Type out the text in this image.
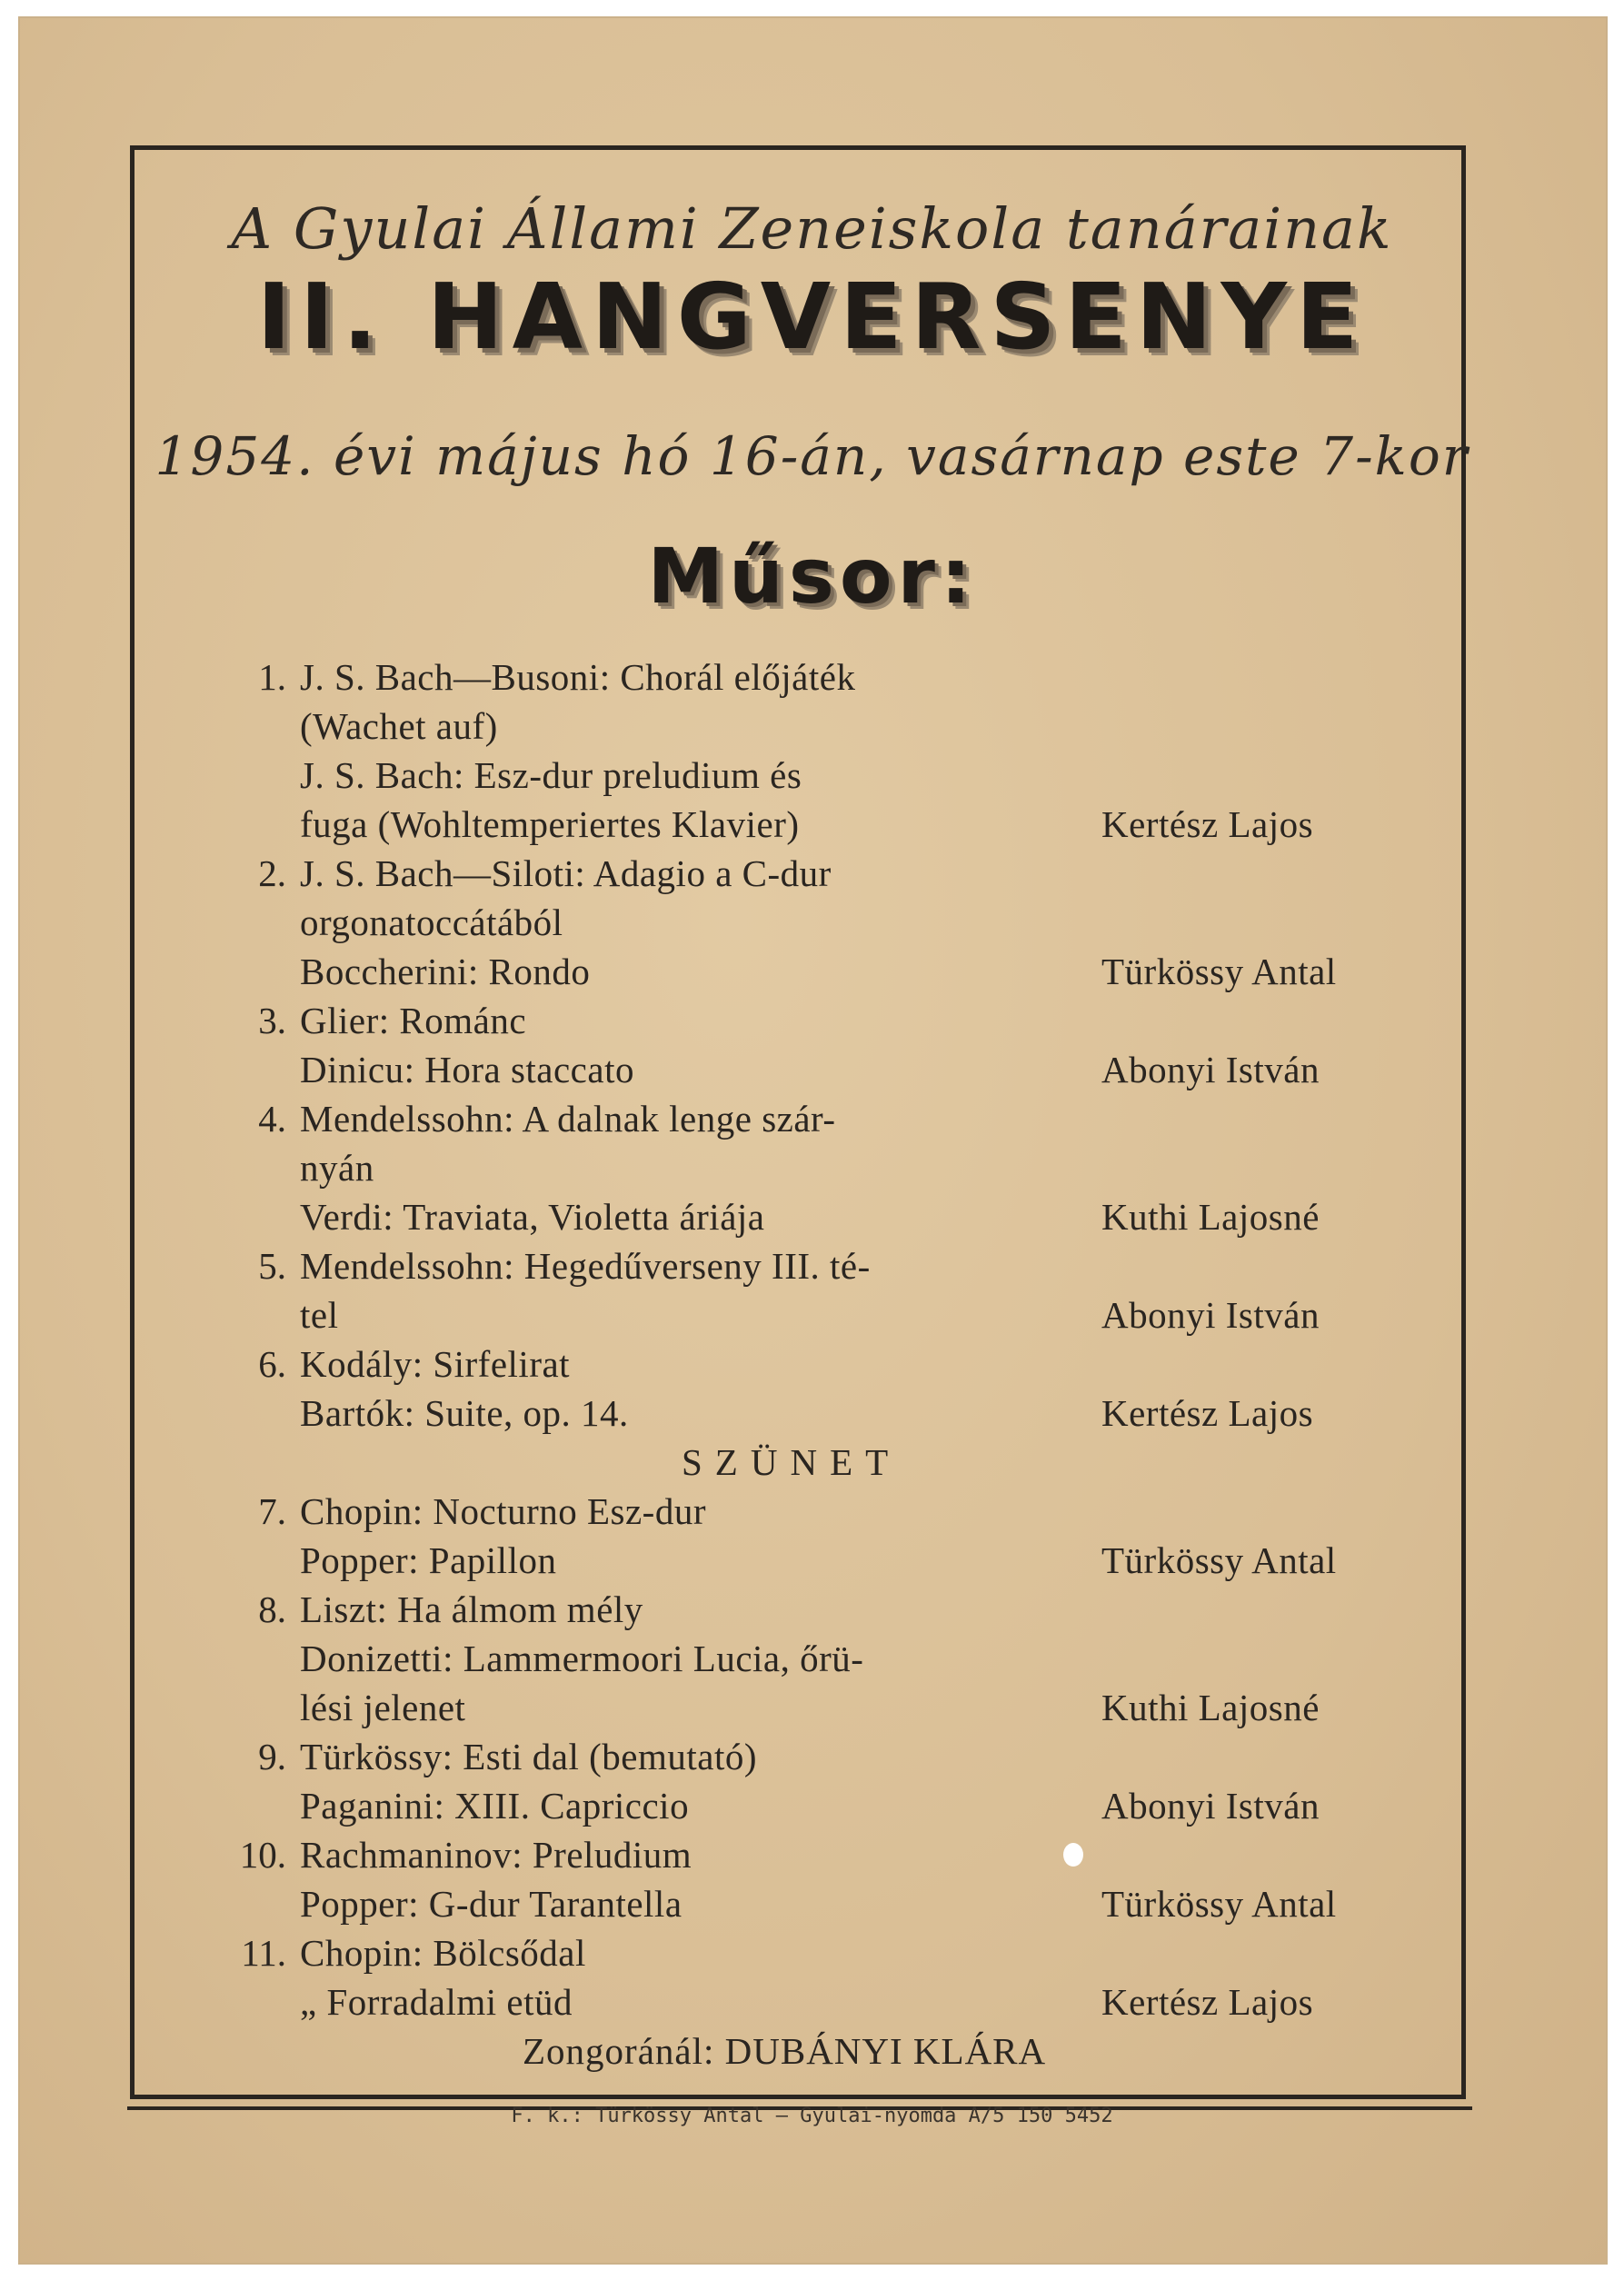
A Gyulai Állami Zeneiskola tanárainak
II. HANGVERSENYE
1954. évi május hó 16-án, vasárnap este 7-kor
Műsor:
1. J. S. Bach—Busoni: Chorál előjáték
(Wachet auf)
J. S. Bach: Esz-dur preludium és
fuga (Wohltemperiertes Klavier)	Kertész Lajos
2. J. S. Bach—Siloti: Adagio a C-dur
orgonatoccátából
Boccherini: Rondo	Türkössy Antal
3. Glier: Románc
Dinicu: Hora staccato	Abonyi István
4. Mendelssohn: A dalnak lenge szár-
nyán
Verdi: Traviata, Violetta áriája	Kuthi Lajosné
5. Mendelssohn: Hegedűverseny III. té-
tel	Abonyi István
6. Kodály: Sirfelirat
Bartók: Suite, op. 14.	Kertész Lajos
SZÜNET
7. Chopin: Nocturno Esz-dur
Popper: Papillon	Türkössy Antal
8. Liszt: Ha álmom mély
Donizetti: Lammermoori Lucia, őrü-
lési jelenet	Kuthi Lajosné
9. Türkössy: Esti dal (bemutató)
Paganini: XIII. Capriccio	Abonyi István
10. Rachmaninov: Preludium
Popper: G-dur Tarantella	Türkössy Antal
11. Chopin: Bölcsődal
„ Forradalmi etüd	Kertész Lajos
Zongoránál: DUBÁNYI KLÁRA
F. k.: Türkössy Antal — Gyulai-nyomda A/5 150 5452
